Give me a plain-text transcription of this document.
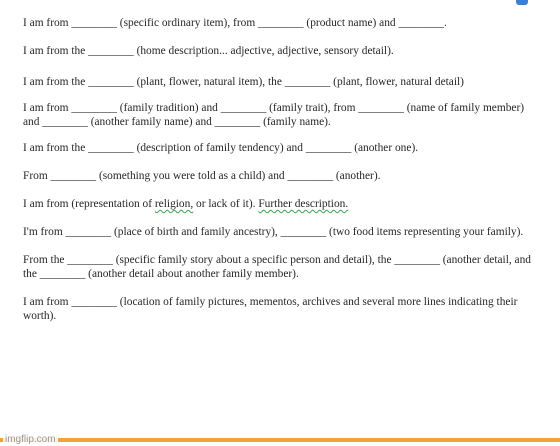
I am from ________ (specific ordinary item), from ________ (product name) and ________.

I am from the ________ (home description... adjective, adjective, sensory detail).

I am from the ________ (plant, flower, natural item), the ________ (plant, flower, natural detail)

I am from ________ (family tradition) and ________ (family trait), from ________ (name of family member) and ________ (another family name) and ________ (family name).

I am from the ________ (description of family tendency) and ________ (another one).

From ________ (something you were told as a child) and ________ (another).

I am from (representation of religion, or lack of it). Further description.

I'm from ________ (place of birth and family ancestry), ________ (two food items representing your family).

From the ________ (specific family story about a specific person and detail), the ________ (another detail, and the ________ (another detail about another family member).

I am from ________ (location of family pictures, mementos, archives and several more lines indicating their worth).

imgflip.com
